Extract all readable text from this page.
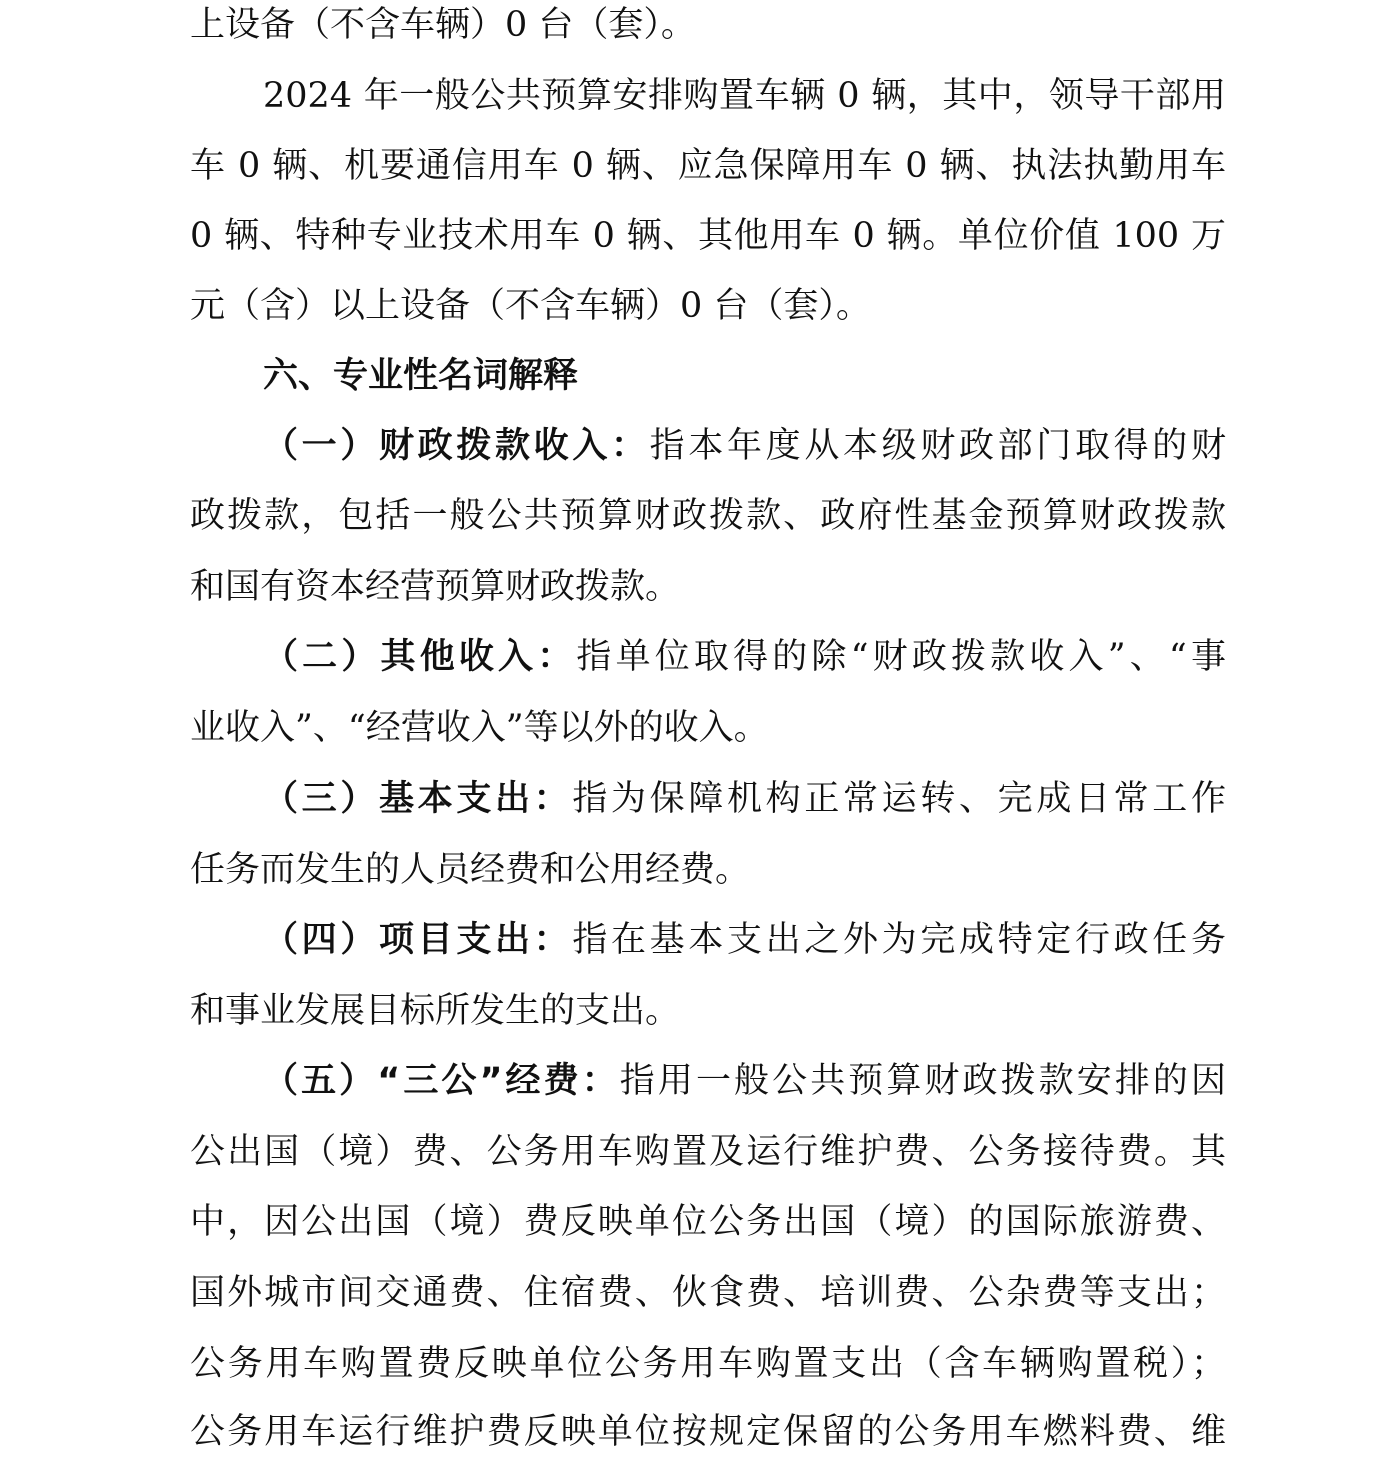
上设备（不含车辆）0 台（套）。
2024 年一般公共预算安排购置车辆 0 辆，其中，领导干部用
车 0 辆、机要通信用车 0 辆、应急保障用车 0 辆、执法执勤用车
0 辆、特种专业技术用车 0 辆、其他用车 0 辆。单位价值 100 万
元（含）以上设备（不含车辆）0 台（套）。
六、专业性名词解释
（一）财政拨款收入：指本年度从本级财政部门取得的财
政拨款，包括一般公共预算财政拨款、政府性基金预算财政拨款
和国有资本经营预算财政拨款。
（二）其他收入：指单位取得的除“财政拨款收入”、“事
业收入”、“经营收入”等以外的收入。
（三）基本支出：指为保障机构正常运转、完成日常工作
任务而发生的人员经费和公用经费。
（四）项目支出：指在基本支出之外为完成特定行政任务
和事业发展目标所发生的支出。
（五）“三公”经费：指用一般公共预算财政拨款安排的因
公出国（境）费、公务用车购置及运行维护费、公务接待费。其
中，因公出国（境）费反映单位公务出国（境）的国际旅游费、
国外城市间交通费、住宿费、伙食费、培训费、公杂费等支出；
公务用车购置费反映单位公务用车购置支出（含车辆购置税）；
公务用车运行维护费反映单位按规定保留的公务用车燃料费、维
